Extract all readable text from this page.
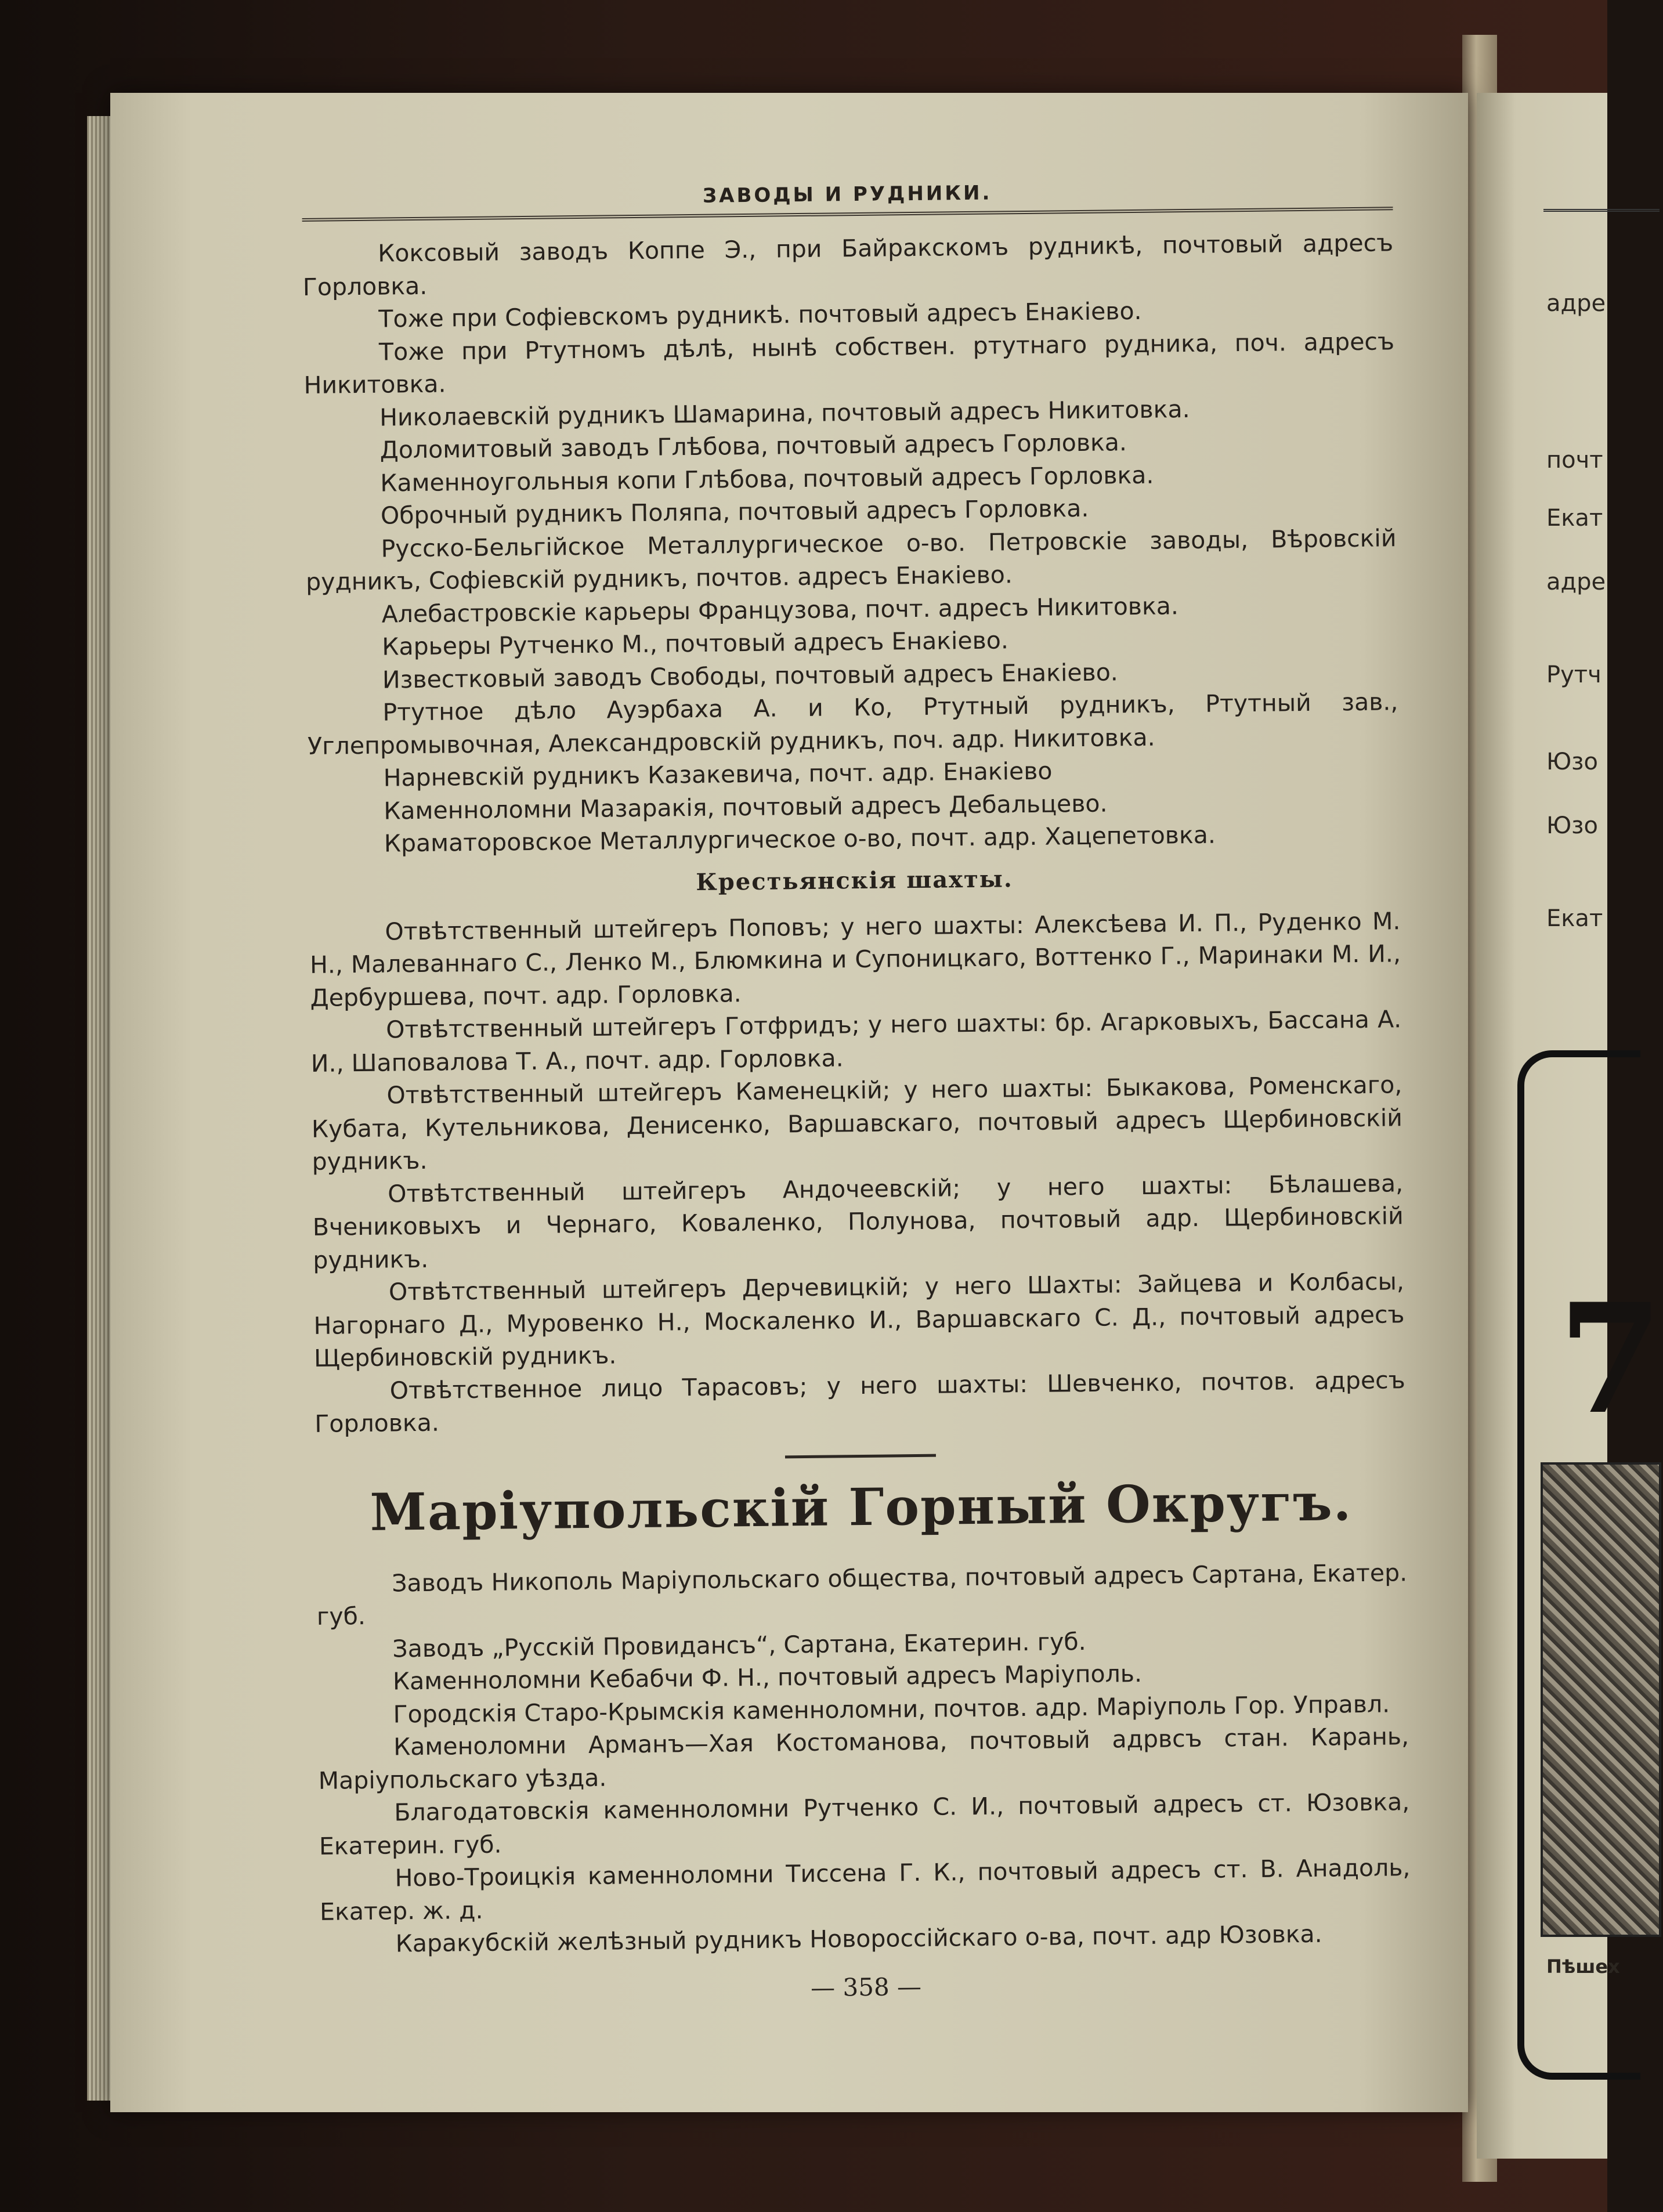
адре
почт
Екат
адре
Рутч
Юзо
Юзо
Екат
7
Пѣшех
ЗАВОДЫ И РУДНИКИ.

Коксовый заводъ Коппе Э., при Байракскомъ рудникѣ, почтовый адресъ Горловка.

Тоже при Софіевскомъ рудникѣ. почтовый адресъ Енакіево.

Тоже при Ртутномъ дѣлѣ, нынѣ собствен. ртутнаго рудника, поч. адресъ Никитовка.

Николаевскій рудникъ Шамарина, почтовый адресъ Никитовка.

Доломитовый заводъ Глѣбова, почтовый адресъ Горловка.

Каменноугольныя копи Глѣбова, почтовый адресъ Горловка.

Оброчный рудникъ Поляпа, почтовый адресъ Горловка.

Русско-Бельгійское Металлургическое о-во. Петровскіе заводы, Вѣровскій рудникъ, Софіевскій рудникъ, почтов. адресъ Енакіево.

Алебастровскіе карьеры Французова, почт. адресъ Никитовка.

Карьеры Рутченко М., почтовый адресъ Енакіево.

Известковый заводъ Свободы, почтовый адресъ Енакіево.

Ртутное дѣло Ауэрбаха А. и Ко, Ртутный рудникъ, Ртутный зав., Углепромывочная, Александровскій рудникъ, поч. адр. Никитовка.

Нарневскій рудникъ Казакевича, почт. адр. Енакіево

Каменноломни Мазаракія, почтовый адресъ Дебальцево.

Краматоровское Металлургическое о-во, почт. адр. Хацепетовка.

Крестьянскія шахты.

Отвѣтственный штейгеръ Поповъ; у него шахты: Алексѣева И. П., Руденко М. Н., Малеваннаго С., Ленко М., Блюмкина и Супоницкаго, Воттенко Г., Маринаки М. И., Дербуршева, почт. адр. Горловка.

Отвѣтственный штейгеръ Готфридъ; у него шахты: бр. Агарковыхъ, Бассана А. И., Шаповалова Т. А., почт. адр. Горловка.

Отвѣтственный штейгеръ Каменецкій; у него шахты: Быкакова, Роменскаго, Кубата, Кутельникова, Денисенко, Варшавскаго, почтовый адресъ Щербиновскій рудникъ.

Отвѣтственный штейгеръ Андочеевскій; у него шахты: Бѣлашева, Вчениковыхъ и Чернаго, Коваленко, Полунова, почтовый адр. Щербиновскій рудникъ.

Отвѣтственный штейгеръ Дерчевицкій; у него Шахты: Зайцева и Колбасы, Нагорнаго Д., Муровенко Н., Москаленко И., Варшавскаго С. Д., почтовый адресъ Щербиновскій рудникъ.

Отвѣтственное лицо Тарасовъ; у него шахты: Шевченко, почтов. адресъ Горловка.

Маріупольскій Горный Округъ.

Заводъ Никополь Маріупольскаго общества, почтовый адресъ Сартана, Екатер. губ.

Заводъ „Русскій Провидансъ“, Сартана, Екатерин. губ.

Каменноломни Кебабчи Ф. Н., почтовый адресъ Маріуполь.

Городскія Старо-Крымскія каменноломни, почтов. адр. Маріуполь Гор. Управл.

Каменоломни Арманъ—Хая Костоманова, почтовый адрвсъ стан. Карань, Маріупольскаго уѣзда.

Благодатовскія каменноломни Рутченко С. И., почтовый адресъ ст. Юзовка, Екатерин. губ.

Ново-Троицкія каменноломни Тиссена Г. К., почтовый адресъ ст. В. Анадоль, Екатер. ж. д.

Каракубскій желѣзный рудникъ Новороссійскаго о-ва, почт. адр Юзовка.

— 358 —
